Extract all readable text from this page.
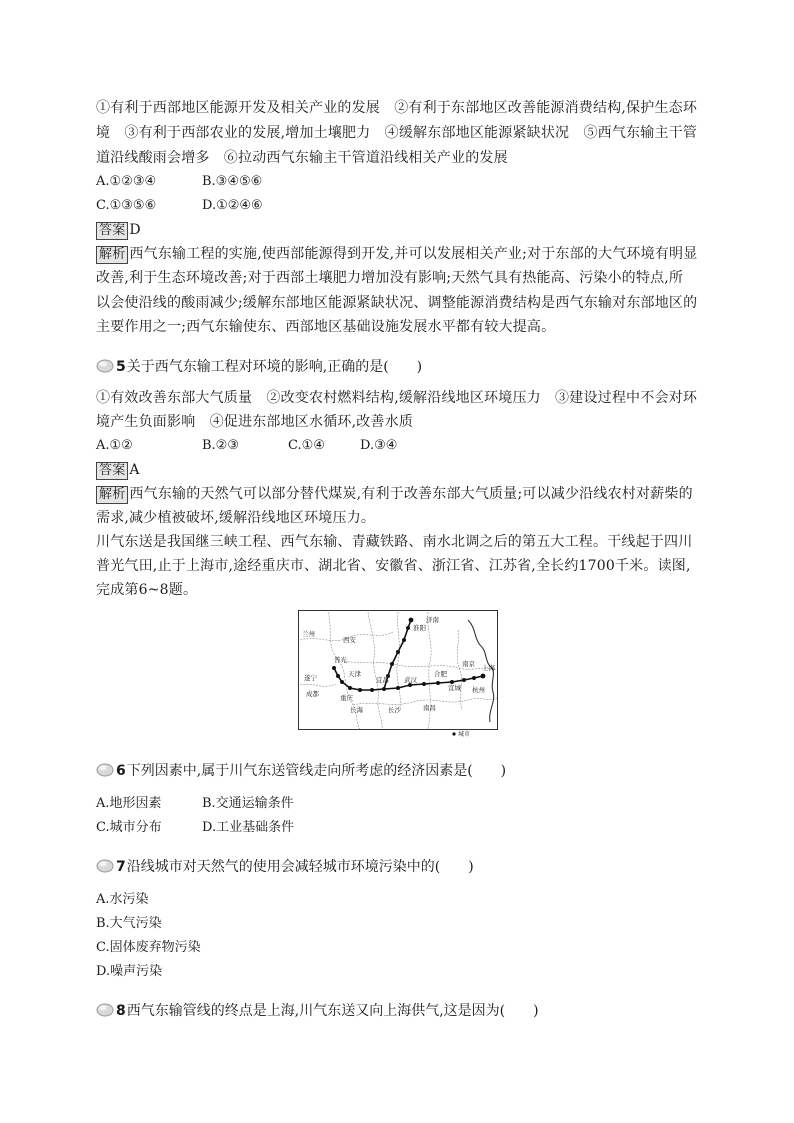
①有利于西部地区能源开发及相关产业的发展　②有利于东部地区改善能源消费结构,保护生态环
境　③有利于西部农业的发展,增加土壤肥力　④缓解东部地区能源紧缺状况　⑤西气东输主干管
道沿线酸雨会增多　⑥拉动西气东输主干管道沿线相关产业的发展
A.①②③④	B.③④⑤⑥
C.①③⑤⑥	D.①②④⑥
答案 D
解析 西气东输工程的实施,使西部能源得到开发,并可以发展相关产业;对于东部的大气环境有明显
改善,利于生态环境改善;对于西部土壤肥力增加没有影响;天然气具有热能高、污染小的特点,所
以会使沿线的酸雨减少;缓解东部地区能源紧缺状况、调整能源消费结构是西气东输对东部地区的
主要作用之一;西气东输使东、西部地区基础设施发展水平都有较大提高。
5关于西气东输工程对环境的影响,正确的是(　　)
①有效改善东部大气质量　②改变农村燃料结构,缓解沿线地区环境压力　③建设过程中不会对环
境产生负面影响　④促进东部地区水循环,改善水质
A.①②	B.②③	C.①④	D.③④
答案 A
解析 西气东输的天然气可以部分替代煤炭,有利于改善东部大气质量;可以减少沿线农村对薪柴的
需求,减少植被破坏,缓解沿线地区环境压力。
川气东送是我国继三峡工程、西气东输、青藏铁路、南水北调之后的第五大工程。干线起于四川
普光气田,止于上海市,途经重庆市、湖北省、安徽省、浙江省、江苏省,全长约1700千米。读图,
完成第6~8题。
兰州
西安
济南
淮阳
南京 上海
杭州
宣城
武汉
合肥
宜昌
重庆
成都
天津
普光
长沙	南昌
长海
遂宁
城市
6下列因素中,属于川气东送管线走向所考虑的经济因素是(　　)
A.地形因素	B.交通运输条件
C.城市分布	D.工业基础条件
7沿线城市对天然气的使用会减轻城市环境污染中的(　　)
A.水污染
B.大气污染
C.固体废弃物污染
D.噪声污染
8西气东输管线的终点是上海,川气东送又向上海供气,这是因为(　　)
